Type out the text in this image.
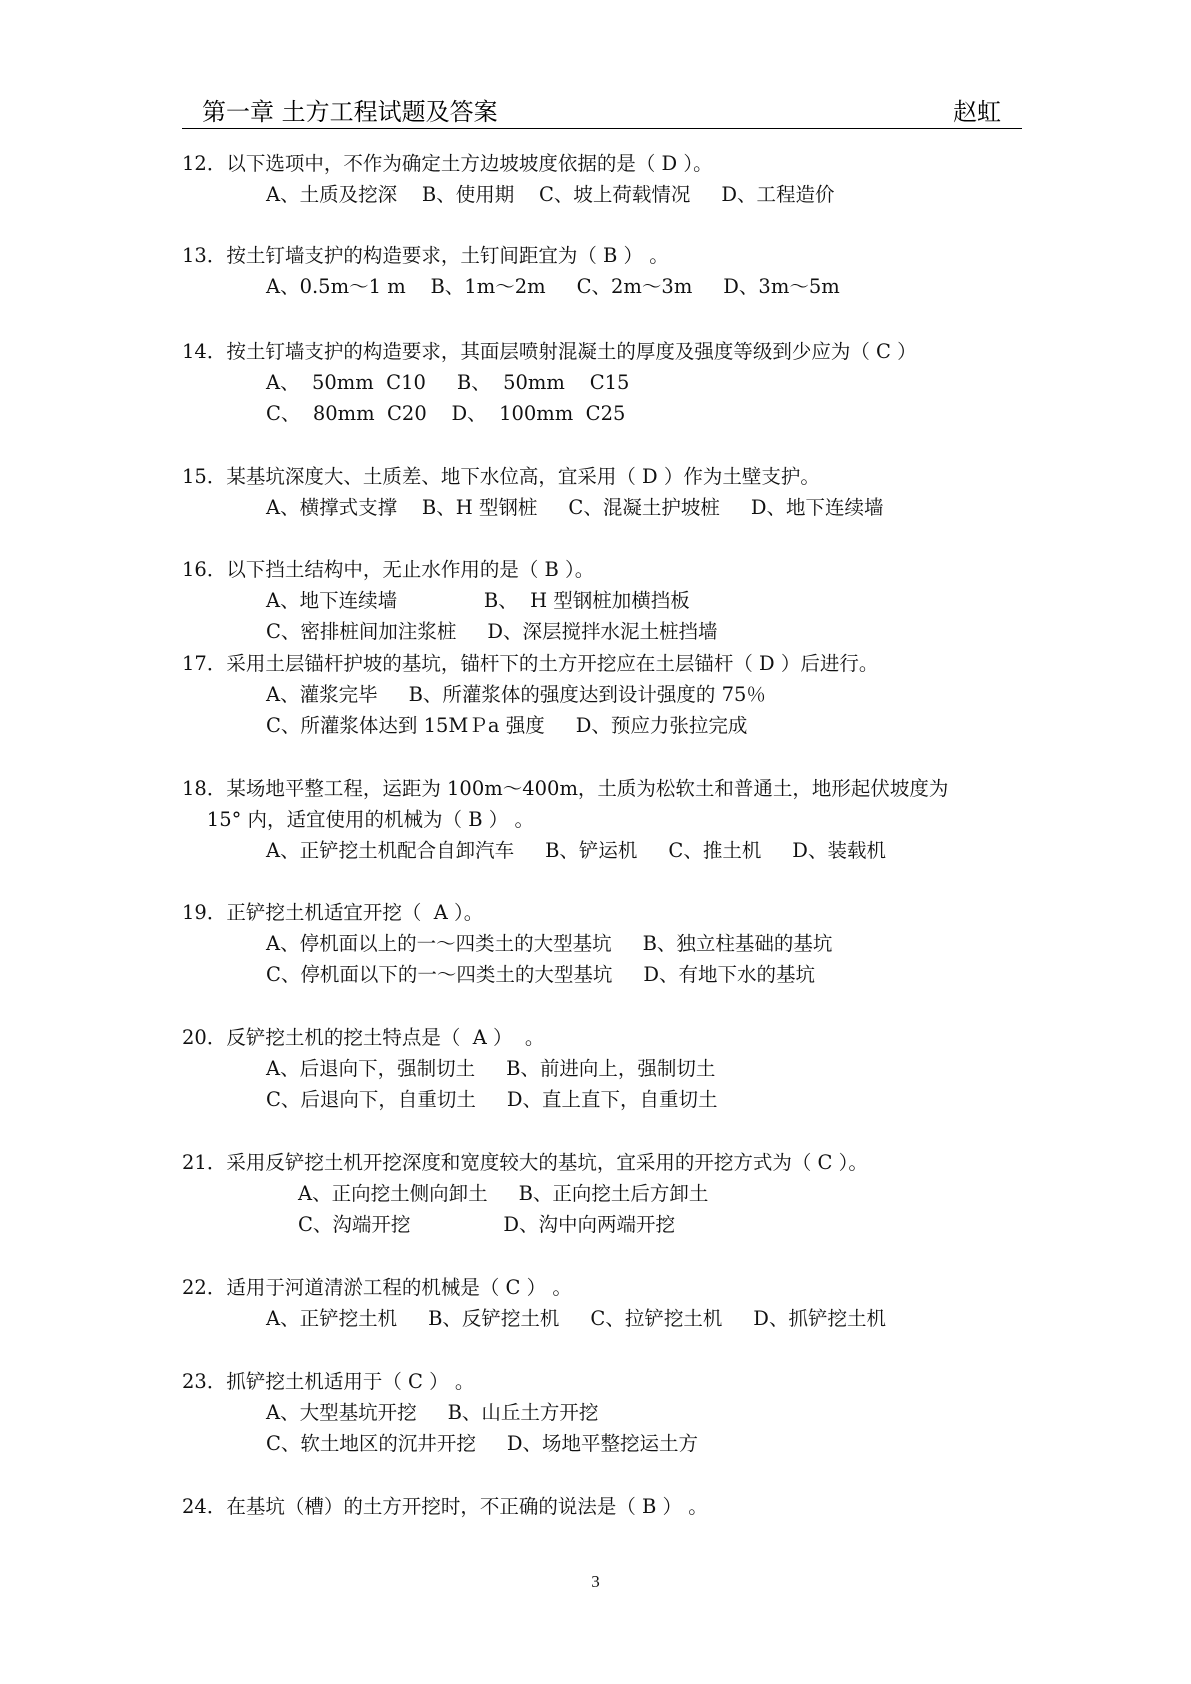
第一章 土方工程试题及答案	赵虹
12．以下选项中，不作为确定土方边坡坡度依据的是（ D ）。
A、土质及挖深    B、使用期    C、坡上荷载情况     D、工程造价
13．按土钉墙支护的构造要求，土钉间距宜为（ B ） 。
A、0.5m～1 m    B、1m～2m     C、2m～3m     D、3m～5m
14．按土钉墙支护的构造要求，其面层喷射混凝土的厚度及强度等级到少应为（ C ）
A、  50mm  C10     B、  50mm    C15
C、  80mm  C20    D、  100mm  C25
15．某基坑深度大、土质差、地下水位高，宜采用（ D ）作为土壁支护。
A、横撑式支撑    B、H 型钢桩     C、混凝土护坡桩     D、地下连续墙
16．以下挡土结构中，无止水作用的是（ B ）。
A、地下连续墙              B、  H 型钢桩加横挡板
C、密排桩间加注浆桩     D、深层搅拌水泥土桩挡墙
17．采用土层锚杆护坡的基坑，锚杆下的土方开挖应在土层锚杆（ D ）后进行。
A、灌浆完毕     B、所灌浆体的强度达到设计强度的 75％
C、所灌浆体达到 15MＰa 强度     D、预应力张拉完成
18．某场地平整工程，运距为 100m～400m，土质为松软土和普通土，地形起伏坡度为
15° 内，适宜使用的机械为（ B ） 。
A、正铲挖土机配合自卸汽车     B、铲运机     C、推土机     D、装载机
19．正铲挖土机适宜开挖（  A ）。
A、停机面以上的一～四类土的大型基坑     B、独立柱基础的基坑
C、停机面以下的一～四类土的大型基坑     D、有地下水的基坑
20．反铲挖土机的挖土特点是（  A ）  。
A、后退向下，强制切土     B、前进向上，强制切土
C、后退向下，自重切土     D、直上直下，自重切土
21．采用反铲挖土机开挖深度和宽度较大的基坑，宜采用的开挖方式为（ C ）。
A、正向挖土侧向卸土     B、正向挖土后方卸土
C、沟端开挖               D、沟中向两端开挖
22．适用于河道清淤工程的机械是（ C ） 。
A、正铲挖土机     B、反铲挖土机     C、拉铲挖土机     D、抓铲挖土机
23．抓铲挖土机适用于（ C ） 。
A、大型基坑开挖     B、山丘土方开挖
C、软土地区的沉井开挖     D、场地平整挖运土方
24．在基坑（槽）的土方开挖时，不正确的说法是（ B ） 。
3
